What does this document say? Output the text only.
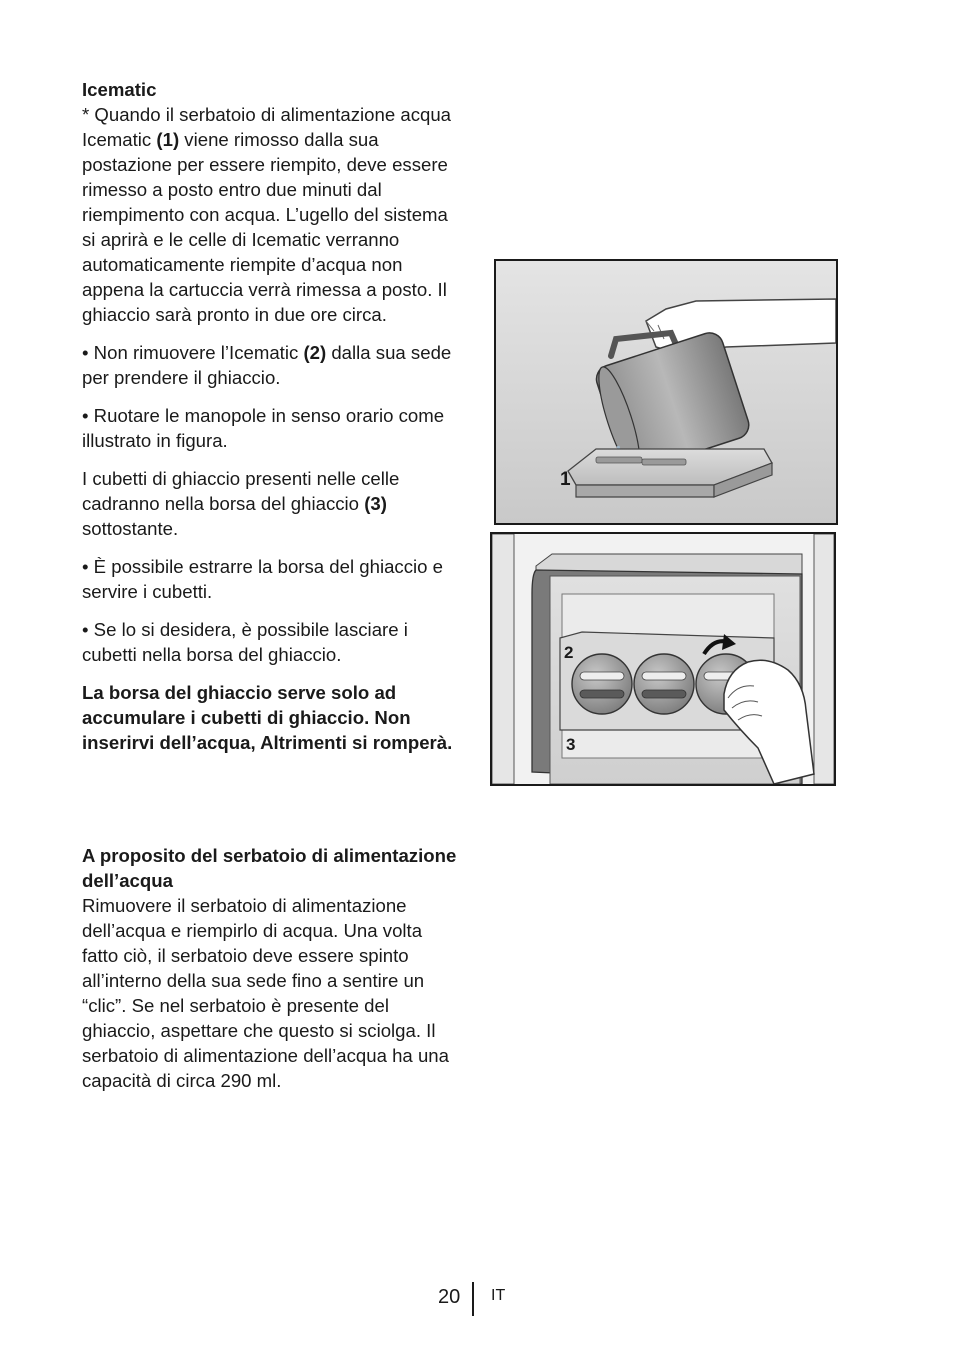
Icematic

* Quando il serbatoio di alimentazione acqua Icematic (1) viene rimosso dalla sua postazione per essere riempito, deve essere rimesso a posto entro due minuti dal riempimento con acqua. L’ugello del sistema si aprirà e le celle di Icematic verranno automaticamente riempite d’acqua non appena la cartuccia verrà rimessa a posto. Il ghiaccio sarà pronto in due ore circa.

• Non rimuovere l’Icematic (2) dalla sua sede per prendere il ghiaccio.

• Ruotare le manopole in senso orario come illustrato in figura.

I cubetti di ghiaccio presenti nelle celle cadranno nella borsa del ghiaccio (3) sottostante.

• È possibile estrarre la borsa del ghiaccio e servire i cubetti.

• Se lo si desidera, è possibile lasciare i cubetti nella borsa del ghiaccio.

La borsa del ghiaccio serve solo ad accumulare i cubetti di ghiaccio. Non inserirvi dell’acqua, Altrimenti si romperà.

A proposito del serbatoio di alimentazione dell’acqua

Rimuovere il serbatoio di alimentazione dell’acqua e riempirlo di acqua. Una volta fatto ciò, il serbatoio deve essere spinto all’interno della sua sede fino a sentire un “clic”. Se nel serbatoio è presente del ghiaccio, aspettare che questo si sciolga. Il serbatoio di alimentazione dell’acqua ha una capacità di circa 290 ml.

1
2
3
20 IT
